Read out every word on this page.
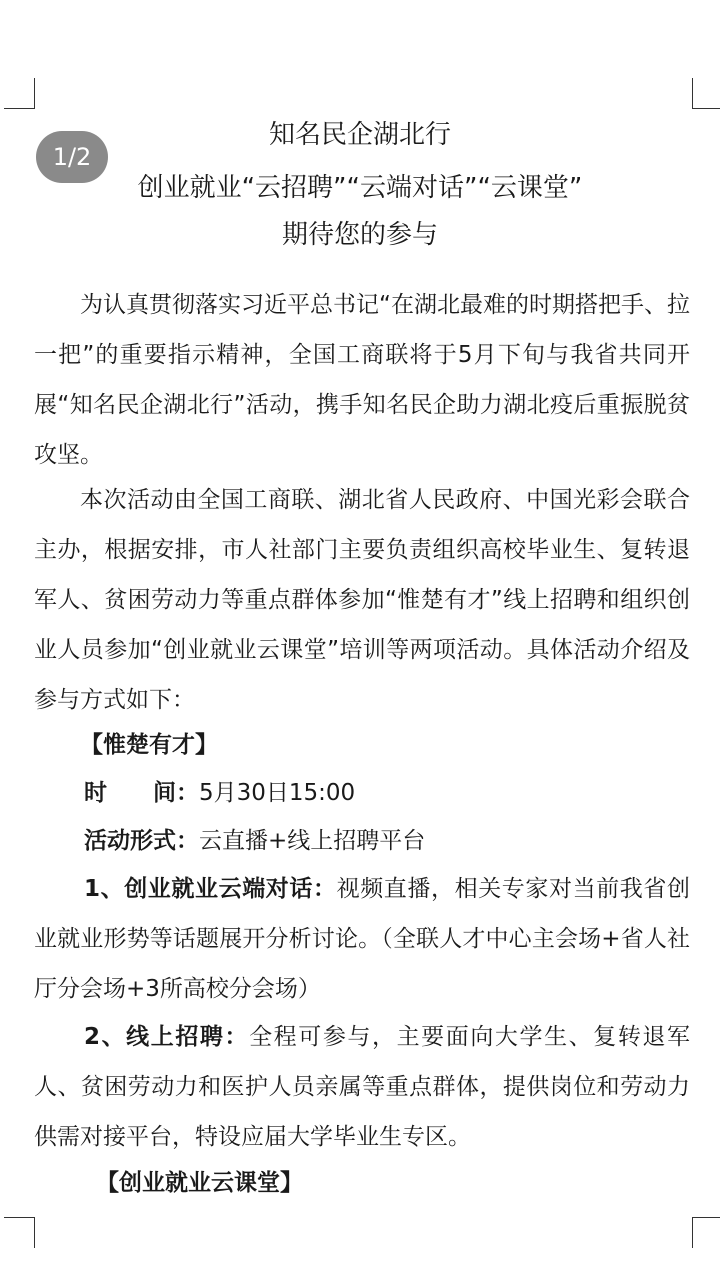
1/2
知名民企湖北行
创业就业“云招聘”“云端对话”“云课堂”
期待您的参与
为认真贯彻落实习近平总书记“在湖北最难的时期搭把手、拉一把”的重要指示精神，全国工商联将于5月下旬与我省共同开展“知名民企湖北行”活动，携手知名民企助力湖北疫后重振脱贫攻坚。
本次活动由全国工商联、湖北省人民政府、中国光彩会联合主办，根据安排，市人社部门主要负责组织高校毕业生、复转退军人、贫困劳动力等重点群体参加“惟楚有才”线上招聘和组织创业人员参加“创业就业云课堂”培训等两项活动。具体活动介绍及参与方式如下：
【惟楚有才】
时　　间：5月30日15:00
活动形式：云直播+线上招聘平台
1、创业就业云端对话：视频直播，相关专家对当前我省创业就业形势等话题展开分析讨论。（全联人才中心主会场+省人社厅分会场+3所高校分会场）
2、线上招聘：全程可参与，主要面向大学生、复转退军人、贫困劳动力和医护人员亲属等重点群体，提供岗位和劳动力供需对接平台，特设应届大学毕业生专区。
【创业就业云课堂】
